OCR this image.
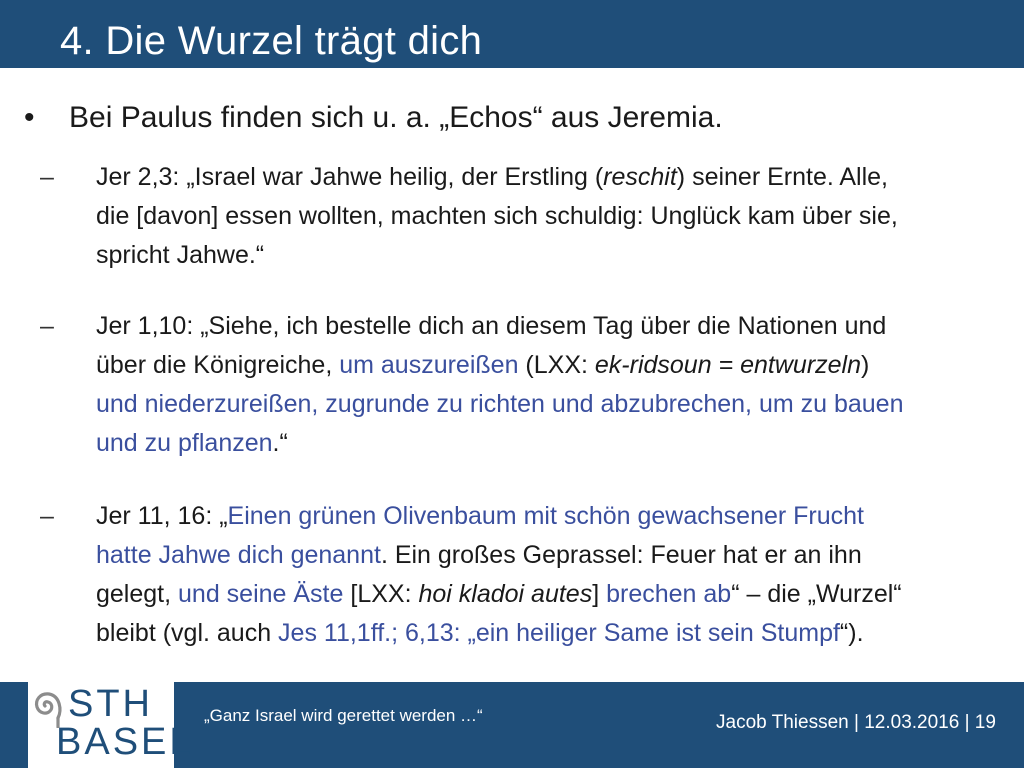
4. Die Wurzel trägt dich
• Bei Paulus finden sich u. a. „Echos“ aus Jeremia.
–	Jer 2,3: „Israel war Jahwe heilig, der Erstling (reschit) seiner Ernte. Alle,
die [davon] essen wollten, machten sich schuldig: Unglück kam über sie,
spricht Jahwe.“
–	Jer 1,10: „Siehe, ich bestelle dich an diesem Tag über die Nationen und
über die Königreiche, um auszureißen (LXX: ek-ridsoun = entwurzeln)
und niederzureißen, zugrunde zu richten und abzubrechen, um zu bauen
und zu pflanzen.“
–	Jer 11, 16: „Einen grünen Olivenbaum mit schön gewachsener Frucht
hatte Jahwe dich genannt. Ein großes Geprassel: Feuer hat er an ihn
gelegt, und seine Äste [LXX: hoi kladoi autes] brechen ab“ – die „Wurzel“
bleibt (vgl. auch Jes 11,1ff.; 6,13: „ein heiliger Same ist sein Stumpf“).
STH
BASEL
„Ganz Israel wird gerettet werden …“	Jacob Thiessen | 12.03.2016 | 19
